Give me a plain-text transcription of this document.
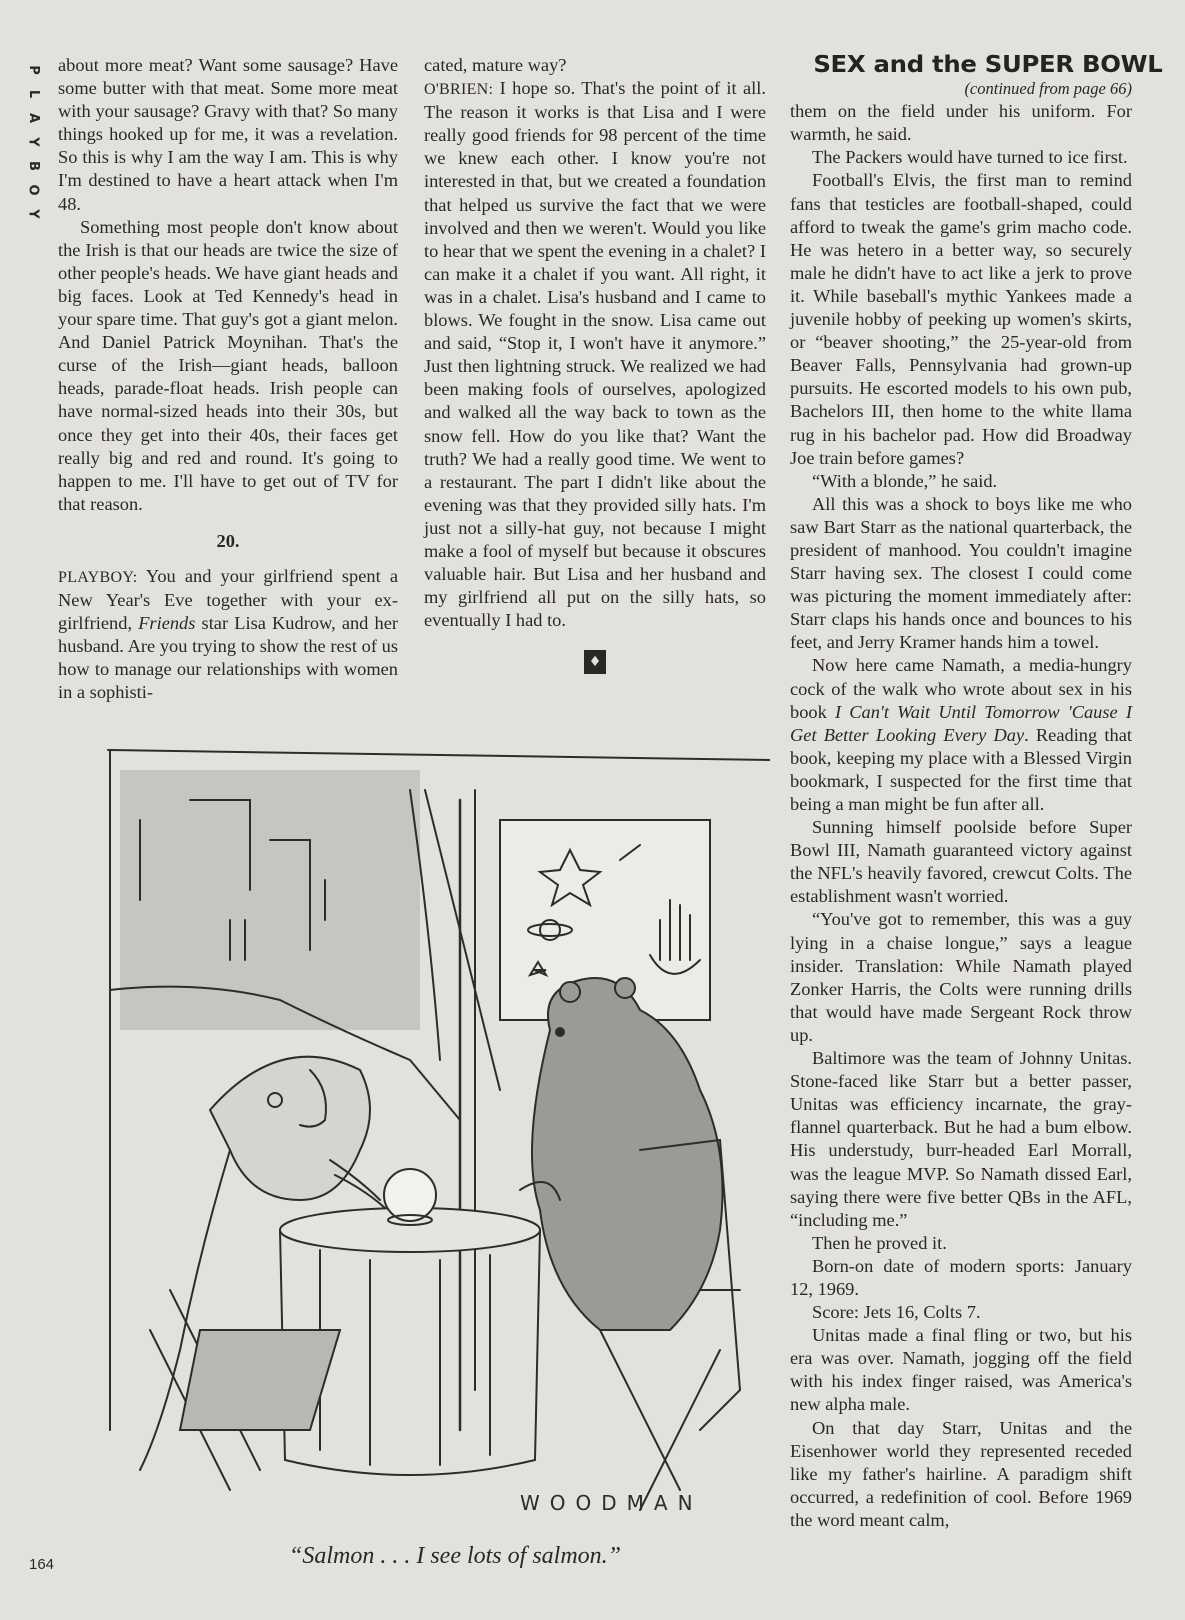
P
L
A
Y
B
O
Y

about more meat? Want some sausage? Have some butter with that meat. Some more meat with your sausage? Gravy with that? So many things hooked up for me, it was a revelation. So this is why I am the way I am. This is why I'm destined to have a heart attack when I'm 48.

Something most people don't know about the Irish is that our heads are twice the size of other people's heads. We have giant heads and big faces. Look at Ted Kennedy's head in your spare time. That guy's got a giant melon. And Daniel Patrick Moynihan. That's the curse of the Irish—giant heads, balloon heads, parade-float heads. Irish people can have normal-sized heads into their 30s, but once they get into their 40s, their faces get really big and red and round. It's going to happen to me. I'll have to get out of TV for that reason.

20.

PLAYBOY: You and your girlfriend spent a New Year's Eve together with your ex-girlfriend, Friends star Lisa Kudrow, and her husband. Are you trying to show the rest of us how to manage our relationships with women in a sophisti-

cated, mature way?

O'BRIEN: I hope so. That's the point of it all. The reason it works is that Lisa and I were really good friends for 98 percent of the time we knew each other. I know you're not interested in that, but we created a foundation that helped us survive the fact that we were involved and then we weren't. Would you like to hear that we spent the evening in a chalet? I can make it a chalet if you want. All right, it was in a chalet. Lisa's husband and I came to blows. We fought in the snow. Lisa came out and said, “Stop it, I won't have it anymore.” Just then lightning struck. We realized we had been making fools of ourselves, apologized and walked all the way back to town as the snow fell. How do you like that? Want the truth? We had a really good time. We went to a restaurant. The part I didn't like about the evening was that they provided silly hats. I'm just not a silly-hat guy, not because I might make a fool of myself but because it obscures valuable hair. But Lisa and her husband and my girlfriend all put on the silly hats, so eventually I had to.

♦

SEX and the SUPER BOWL

(continued from page 66)

them on the field under his uniform. For warmth, he said.

The Packers would have turned to ice first.

Football's Elvis, the first man to remind fans that testicles are football-shaped, could afford to tweak the game's grim macho code. He was hetero in a better way, so securely male he didn't have to act like a jerk to prove it. While baseball's mythic Yankees made a juvenile hobby of peeking up women's skirts, or “beaver shooting,” the 25-year-old from Beaver Falls, Pennsylvania had grown-up pursuits. He escorted models to his own pub, Bachelors III, then home to the white llama rug in his bachelor pad. How did Broadway Joe train before games?

“With a blonde,” he said.

All this was a shock to boys like me who saw Bart Starr as the national quarterback, the president of manhood. You couldn't imagine Starr having sex. The closest I could come was picturing the moment immediately after: Starr claps his hands once and bounces to his feet, and Jerry Kramer hands him a towel.

Now here came Namath, a media-hungry cock of the walk who wrote about sex in his book I Can't Wait Until Tomorrow 'Cause I Get Better Looking Every Day. Reading that book, keeping my place with a Blessed Virgin bookmark, I suspected for the first time that being a man might be fun after all.

Sunning himself poolside before Super Bowl III, Namath guaranteed victory against the NFL's heavily favored, crewcut Colts. The establishment wasn't worried.

“You've got to remember, this was a guy lying in a chaise longue,” says a league insider. Translation: While Namath played Zonker Harris, the Colts were running drills that would have made Sergeant Rock throw up.

Baltimore was the team of Johnny Unitas. Stone-faced like Starr but a better passer, Unitas was efficiency incarnate, the gray-flannel quarterback. But he had a bum elbow. His understudy, burr-headed Earl Morrall, was the league MVP. So Namath dissed Earl, saying there were five better QBs in the AFL, “including me.”

Then he proved it.

Born-on date of modern sports: January 12, 1969.

Score: Jets 16, Colts 7.

Unitas made a final fling or two, but his era was over. Namath, jogging off the field with his index finger raised, was America's new alpha male.

On that day Starr, Unitas and the Eisenhower world they represented receded like my father's hairline. A paradigm shift occurred, a redefinition of cool. Before 1969 the word meant calm,

WOODMAN
“Salmon . . . I see lots of salmon.”
164
